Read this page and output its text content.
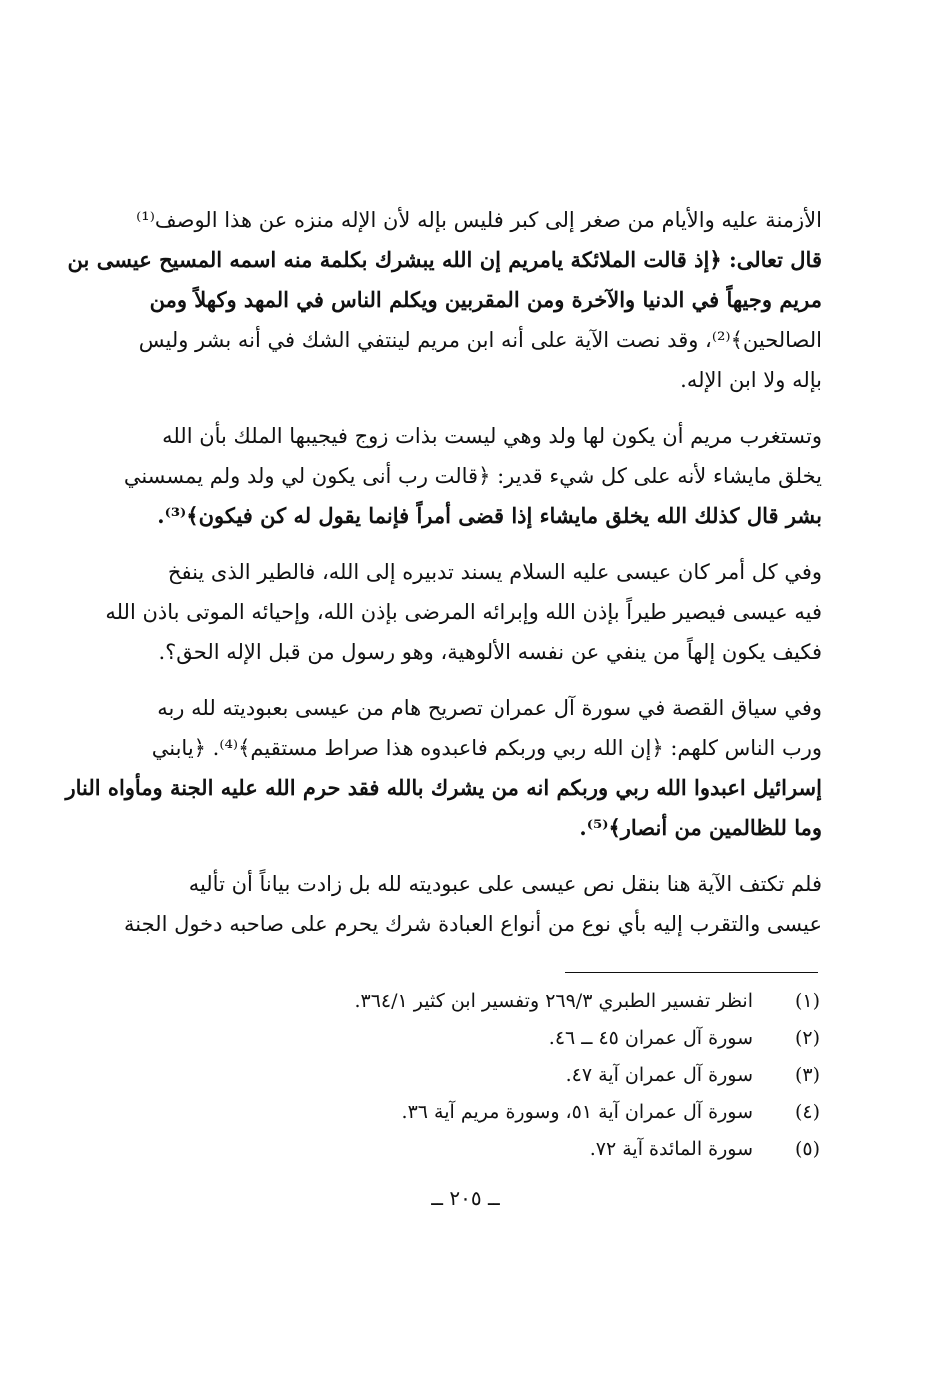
الأزمنة عليه والأيام من صغر إلى كبر فليس بإله لأن الإله منزه عن هذا الوصف⁽¹⁾
قال تعالى: ﴿إذ قالت الملائكة يامريم إن الله يبشرك بكلمة منه اسمه المسيح عيسى بن
مريم وجيهاً في الدنيا والآخرة ومن المقربين ويكلم الناس في المهد وكهلاً ومن
الصالحين﴾⁽²⁾، وقد نصت الآية على أنه ابن مريم لينتفي الشك في أنه بشر وليس
بإله ولا ابن الإله.
وتستغرب مريم أن يكون لها ولد وهي ليست بذات زوج فيجيبها الملك بأن الله
يخلق مايشاء لأنه على كل شيء قدير: ﴿قالت رب أنى يكون لي ولد ولم يمسسني
بشر قال كذلك الله يخلق مايشاء إذا قضى أمراً فإنما يقول له كن فيكون﴾⁽³⁾.
وفي كل أمر كان عيسى عليه السلام يسند تدبيره إلى الله، فالطير الذى ينفخ
فيه عيسى فيصير طيراً بإذن الله وإبرائه المرضى بإذن الله، وإحيائه الموتى باذن الله
فكيف يكون إلهاً من ينفي عن نفسه الألوهية، وهو رسول من قبل الإله الحق؟.
وفي سياق القصة في سورة آل عمران تصريح هام من عيسى بعبوديته لله ربه
ورب الناس كلهم: ﴿إن الله ربي وربكم فاعبدوه هذا صراط مستقيم﴾⁽⁴⁾. ﴿يابني
إسرائيل اعبدوا الله ربي وربكم انه من يشرك بالله فقد حرم الله عليه الجنة ومأواه النار
وما للظالمين من أنصار﴾⁽⁵⁾.
فلم تكتف الآية هنا بنقل نص عيسى على عبوديته لله بل زادت بياناً أن تأليه
عيسى والتقرب إليه بأي نوع من أنواع العبادة شرك يحرم على صاحبه دخول الجنة
(١)
انظر تفسير الطبري ٢٦٩/٣ وتفسير ابن كثير ٣٦٤/١.
(٢)
سورة آل عمران ٤٥ ــ ٤٦.
(٣)
سورة آل عمران آية ٤٧.
(٤)
سورة آل عمران آية ٥١، وسورة مريم آية ٣٦.
(٥)
سورة المائدة آية ٧٢.
ــ ٢٠٥ ــ
